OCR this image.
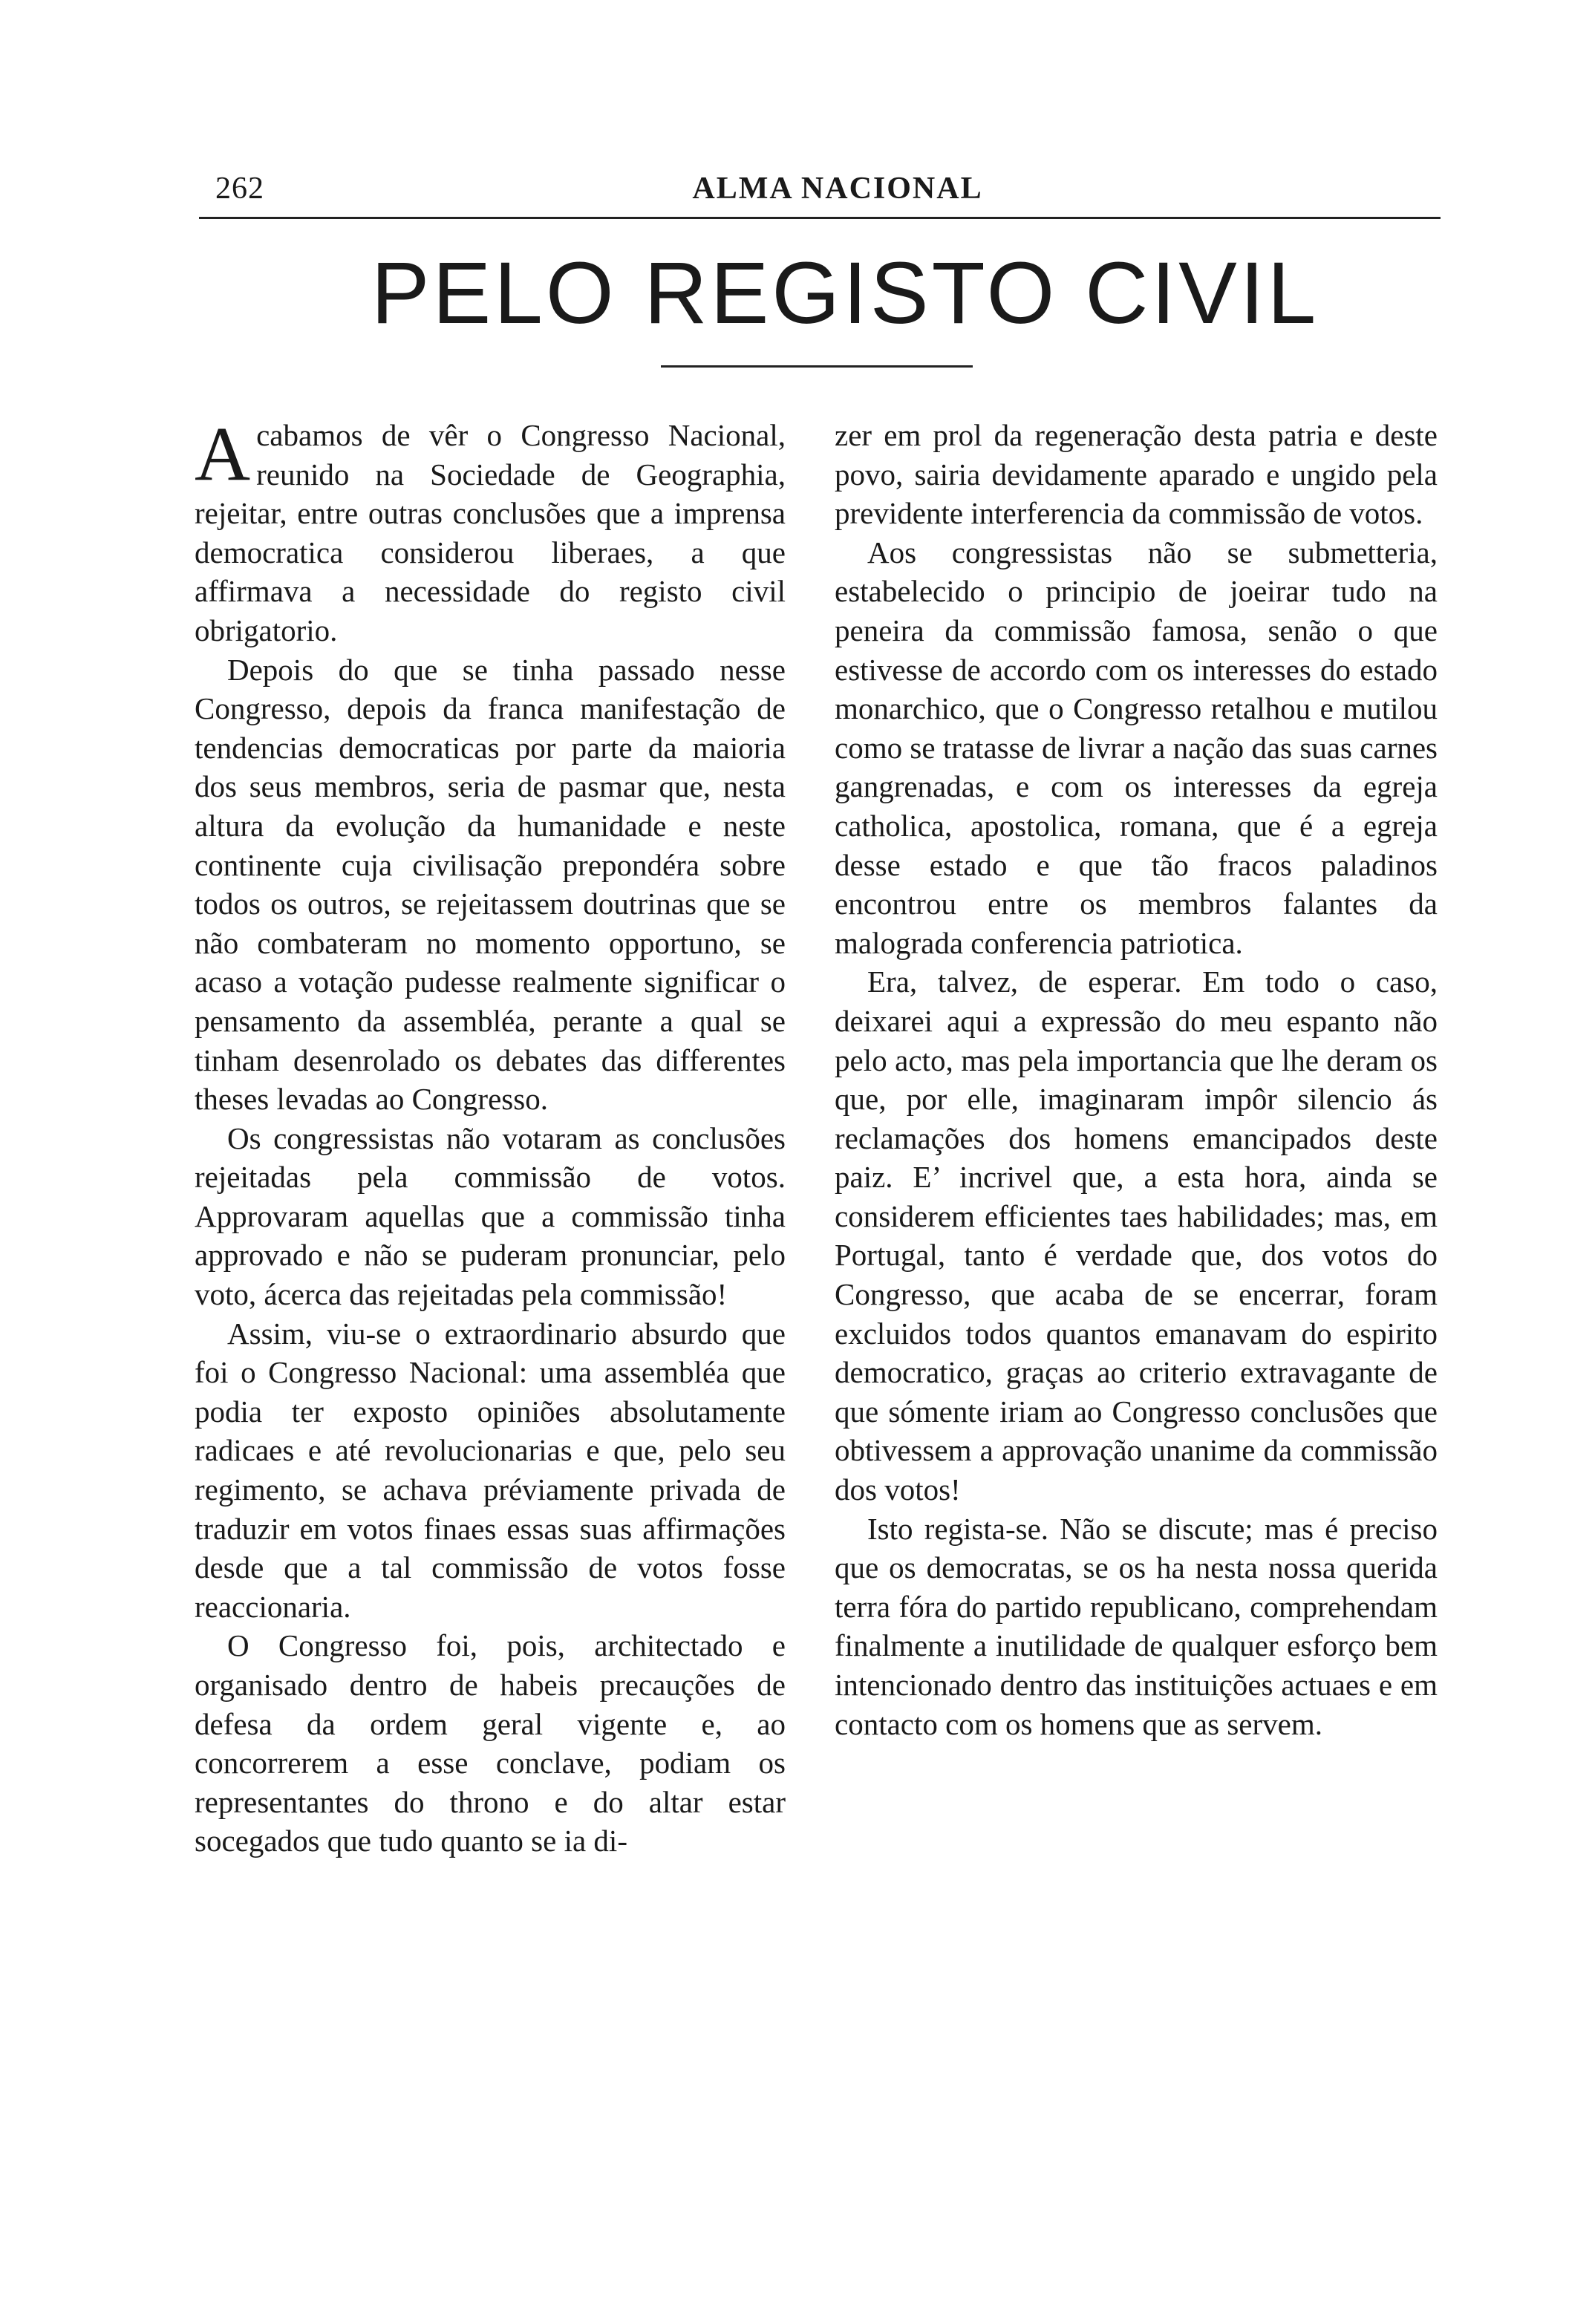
262	ALMA NACIONAL
PELO REGISTO CIVIL

Acabamos de vêr o Congresso Nacional, reunido na Sociedade de Geographia, rejeitar, entre outras conclusões que a imprensa democratica considerou liberaes, a que affirmava a necessidade do registo civil obrigatorio.

Depois do que se tinha passado nesse Congresso, depois da franca manifestação de tendencias democraticas por parte da maioria dos seus membros, seria de pasmar que, nesta altura da evolução da humanidade e neste continente cuja civilisação prepondéra sobre todos os outros, se rejeitassem doutrinas que se não combateram no momento opportuno, se acaso a votação pudesse realmente significar o pensamento da assembléa, perante a qual se tinham desenrolado os debates das differentes theses levadas ao Congresso.

Os congressistas não votaram as conclusões rejeitadas pela commissão de votos. Approvaram aquellas que a commissão tinha approvado e não se puderam pronunciar, pelo voto, ácerca das rejeitadas pela commissão!

Assim, viu-se o extraordinario absurdo que foi o Congresso Nacional: uma assembléa que podia ter exposto opiniões absolutamente radicaes e até revolucionarias e que, pelo seu regimento, se achava préviamente privada de traduzir em votos finaes essas suas affirmações desde que a tal commissão de votos fosse reaccionaria.

O Congresso foi, pois, architectado e organisado dentro de habeis precauções de defesa da ordem geral vigente e, ao concorrerem a esse conclave, podiam os representantes do throno e do altar estar socegados que tudo quanto se ia di-

zer em prol da regeneração desta patria e deste povo, sairia devidamente aparado e ungido pela previdente interferencia da commissão de votos.

Aos congressistas não se submetteria, estabelecido o principio de joeirar tudo na peneira da commissão famosa, senão o que estivesse de accordo com os interesses do estado monarchico, que o Congresso retalhou e mutilou como se tratasse de livrar a nação das suas carnes gangrenadas, e com os interesses da egreja catholica, apostolica, romana, que é a egreja desse estado e que tão fracos paladinos encontrou entre os membros falantes da malograda conferencia patriotica.

Era, talvez, de esperar. Em todo o caso, deixarei aqui a expressão do meu espanto não pelo acto, mas pela importancia que lhe deram os que, por elle, imaginaram impôr silencio ás reclamações dos homens emancipados deste paiz. E’ incrivel que, a esta hora, ainda se considerem efficientes taes habilidades; mas, em Portugal, tanto é verdade que, dos votos do Congresso, que acaba de se encerrar, foram excluidos todos quantos emanavam do espirito democratico, graças ao criterio extravagante de que sómente iriam ao Congresso conclusões que obtivessem a approvação unanime da commissão dos votos!

Isto regista-se. Não se discute; mas é preciso que os democratas, se os ha nesta nossa querida terra fóra do partido republicano, comprehendam finalmente a inutilidade de qualquer esforço bem intencionado dentro das instituições actuaes e em contacto com os homens que as servem.
